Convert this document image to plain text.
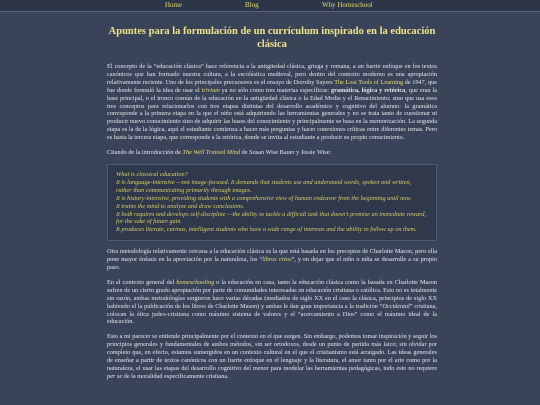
Home	Blog	Why Homeschool
Apuntes para la formulación de un currículum inspirado en la educación clásica

El concepto de la “educación clásica” hace referencia a la antigüedad clásica, griega y romana, a un fuerte enfoque en los textos canónicos que han formado nuestra cultura, a la escolástica medieval, pero dentro del contexto moderno es una apropiación relativamente reciente. Uno de los principales precursores es el ensayo de Dorothy Sayers The Lost Tools of Learning de 1947, que fue donde formuló la idea de usar el trivium ya no sólo como tres materias específicas: gramática, lógica y retórica, que eran la base principal, o el tronco común de la educación en la antigüedad clásica o la Edad Media y el Renacimiento; sino que usa esos tres conceptos para relacionarlos con tres etapas distintas del desarrollo académico y cognitivo del alumno: la gramática corresponde a la primera etapa en la que el niño está adquiriendo las herramientas generales y no se trata tanto de cuestionar ni producir nuevo conocimiento sino de adquirir las bases del conocimiento y principalmente se basa en la memorización. La segunda etapa es la de la lógica, aquí el estudiante comienza a hacer más preguntas y hacer conexiones críticas entre diferentes temas. Pero es hasta la tercera etapa, que corresponde a la retórica, donde se invita al estudiante a producir su propio conocimiento.

Citando de la introducción de The Well Trained Mind de Susan Wise Bauer y Jessie Wise:

What is classical education?
It is language-intensive —not image-focused. It demands that students use and understand words, spoken and written, rather than communicating primarily through images.
It is history-intensive, providing students with a comprehensive view of human endeavor from the beginning until now.
It trains the mind to analyze and draw conclusions.
It both requires and develops self-discipline —the ability to tackle a difficult task that doesn't promise an immediate reward, for the sake of future gain.
It produces literate, curious, intelligent students who have a wide range of interests and the ability to follow up on them.

Otra metodología relativamente cercana a la educación clásica es la que está basada en los preceptos de Charlotte Mason, pero ella pone mayor énfasis en la apreciación por la naturaleza, los “libros vivos”, y en dejar que el niño o niña se desarrolle a su propio paso.

En el contexto general del homeschooling o la educación en casa, tanto la educación clásica como la basada en Charlotte Mason sufren de un cierto grado apropiación por parte de comunidades interesadas en educación cristiana o católica. Esto no es totalmente sin razón, ambas metodologías surgieron hace varias décadas (mediados de siglo XX en el caso la clásica, principios de siglo XX habiendo el la publicación de los libros de Charlotte Mason) y ambas le dan gran importancia a la tradición “Occidental” cristiana, colocan la ética judeo-cristiana como máximo sistema de valores y el “acercamiento a Dios” como el máximo ideal de la educación.

Esto a mi parecer se entiende principalmente por el contexto en el que surgen. Sin embargo, podemos tomar inspiración y seguir los principios generales y fundamentales de ambos métodos, sin ser ortodoxos, desde un punto de partida más laico; sin olvidar por completo que, en efecto, estamos sumergidos en un contexto cultural en el que el cristianismo está arraigado. Las ideas generales de enseñar a partir de textos canónicos con un fuerte enfoque en el lenguaje y la literatura, el amor tanto por el arte como por la naturaleza, el usar las etapas del desarrollo cognitivo del menor para modelar las herramientas pedagógicas, todo esto no requiere per se de la moralidad específicamente cristiana.
